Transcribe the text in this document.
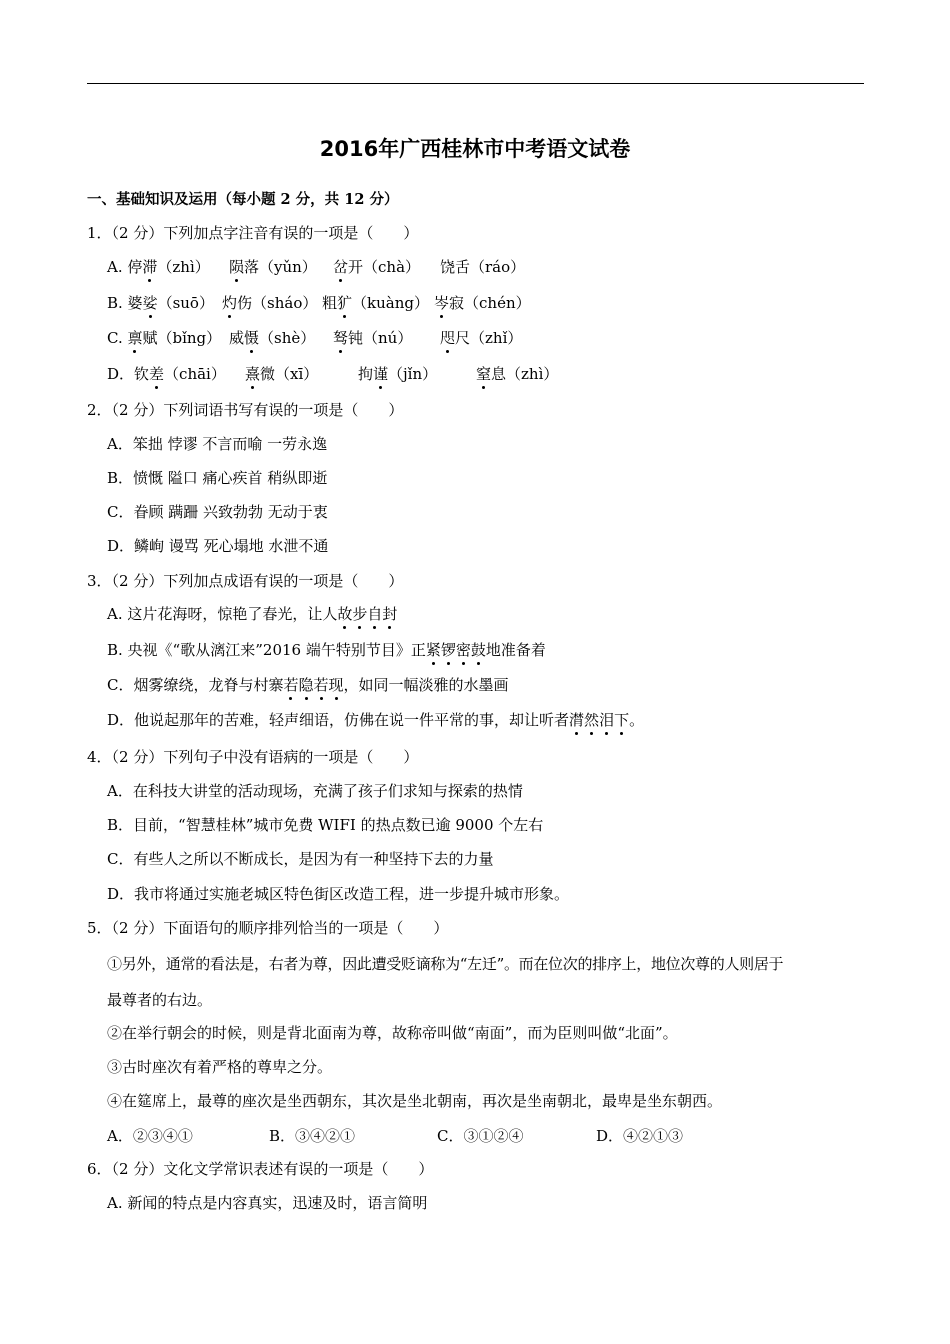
2016年广西桂林市中考语文试卷
一、基础知识及运用（每小题 2 分，共 12 分）
1．（2 分）下列加点字注音有误的一项是（　　）
A. 停滞（zhì） 陨落（yǔn） 岔开（chà） 饶舌（ráo）
B. 婆娑（suō） 灼伤（sháo） 粗犷（kuàng） 岑寂（chén）
C. 禀赋（bǐng） 威慑（shè） 驽钝（nú） 咫尺（zhǐ）
D．钦差（chāi） 熹微（xī）	拘谨（jǐn）	窒息（zhì）
2．（2 分）下列词语书写有误的一项是（　　）
A．笨拙 悖谬 不言而喻 一劳永逸
B．愤慨 隘口 痛心疾首 稍纵即逝
C．眷顾 蹒跚 兴致勃勃 无动于衷
D．鳞峋 谩骂 死心塌地 水泄不通
3．（2 分）下列加点成语有误的一项是（　　）
A. 这片花海呀，惊艳了春光，让人故步自封
B. 央视《“歌从漓江来”2016 端午特别节目》正紧锣密鼓地准备着
C．烟雾缭绕，龙脊与村寨若隐若现，如同一幅淡雅的水墨画
D．他说起那年的苦难，轻声细语，仿佛在说一件平常的事，却让听者潸然泪下。
4．（2 分）下列句子中没有语病的一项是（　　）
A．在科技大讲堂的活动现场，充满了孩子们求知与探索的热情
B．目前，“智慧桂林”城市免费 WIFI 的热点数已逾 9000 个左右
C．有些人之所以不断成长，是因为有一种坚持下去的力量
D．我市将通过实施老城区特色街区改造工程，进一步提升城市形象。
5．（2 分）下面语句的顺序排列恰当的一项是（　　）
①另外，通常的看法是，右者为尊，因此遭受贬谪称为“左迁”。而在位次的排序上，地位次尊的人则居于
最尊者的右边。
②在举行朝会的时候，则是背北面南为尊，故称帝叫做“南面”，而为臣则叫做“北面”。
③古时座次有着严格的尊卑之分。
④在筵席上，最尊的座次是坐西朝东，其次是坐北朝南，再次是坐南朝北，最卑是坐东朝西。
A．②③④①	B．③④②①	C．③①②④	D．④②①③
6．（2 分）文化文学常识表述有误的一项是（　　）
A. 新闻的特点是内容真实，迅速及时，语言简明
